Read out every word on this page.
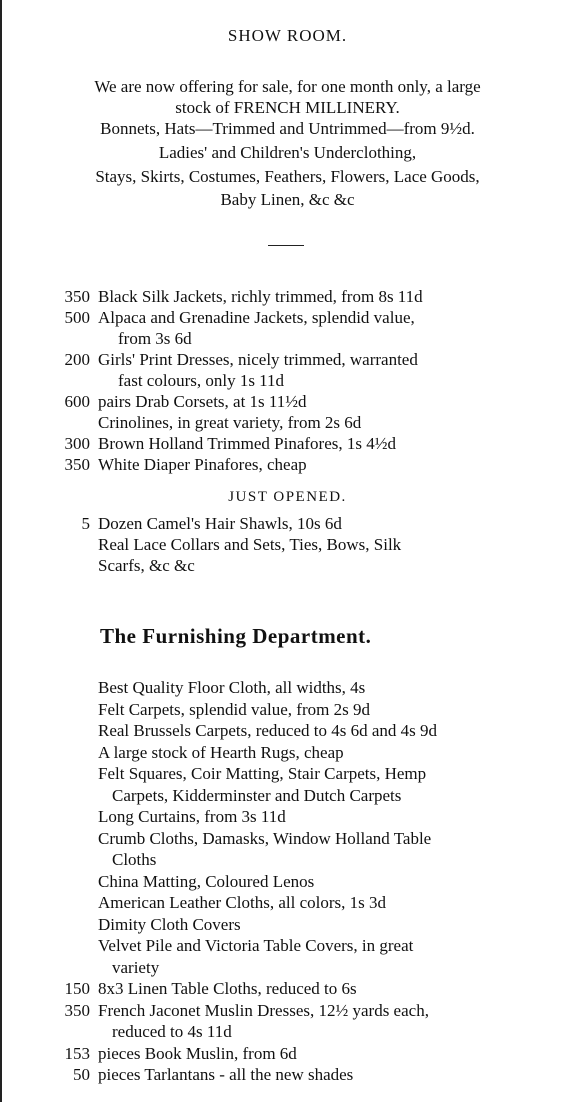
SHOW ROOM.
We are now offering for sale, for one month only, a large
stock of FRENCH MILLINERY.
Bonnets, Hats—Trimmed and Untrimmed—from 9½d.
Ladies' and Children's Underclothing,
Stays, Skirts, Costumes, Feathers, Flowers, Lace Goods,
Baby Linen, &c &c
350 Black Silk Jackets, richly trimmed, from 8s 11d
500 Alpaca and Grenadine Jackets, splendid value,
from 3s 6d
200 Girls' Print Dresses, nicely trimmed, warranted
fast colours, only 1s 11d
600 pairs Drab Corsets, at 1s 11½d
Crinolines, in great variety, from 2s 6d
300 Brown Holland Trimmed Pinafores, 1s 4½d
350 White Diaper Pinafores, cheap
JUST OPENED.
5 Dozen Camel's Hair Shawls, 10s 6d
Real Lace Collars and Sets, Ties, Bows, Silk
Scarfs, &c &c
The Furnishing Department.
Best Quality Floor Cloth, all widths, 4s
Felt Carpets, splendid value, from 2s 9d
Real Brussels Carpets, reduced to 4s 6d and 4s 9d
A large stock of Hearth Rugs, cheap
Felt Squares, Coir Matting, Stair Carpets, Hemp
Carpets, Kidderminster and Dutch Carpets
Long Curtains, from 3s 11d
Crumb Cloths, Damasks, Window Holland Table
Cloths
China Matting, Coloured Lenos
American Leather Cloths, all colors, 1s 3d
Dimity Cloth Covers
Velvet Pile and Victoria Table Covers, in great
variety
150 8x3 Linen Table Cloths, reduced to 6s
350 French Jaconet Muslin Dresses, 12½ yards each,
reduced to 4s 11d
153 pieces Book Muslin, from 6d
50 pieces Tarlantans - all the new shades
